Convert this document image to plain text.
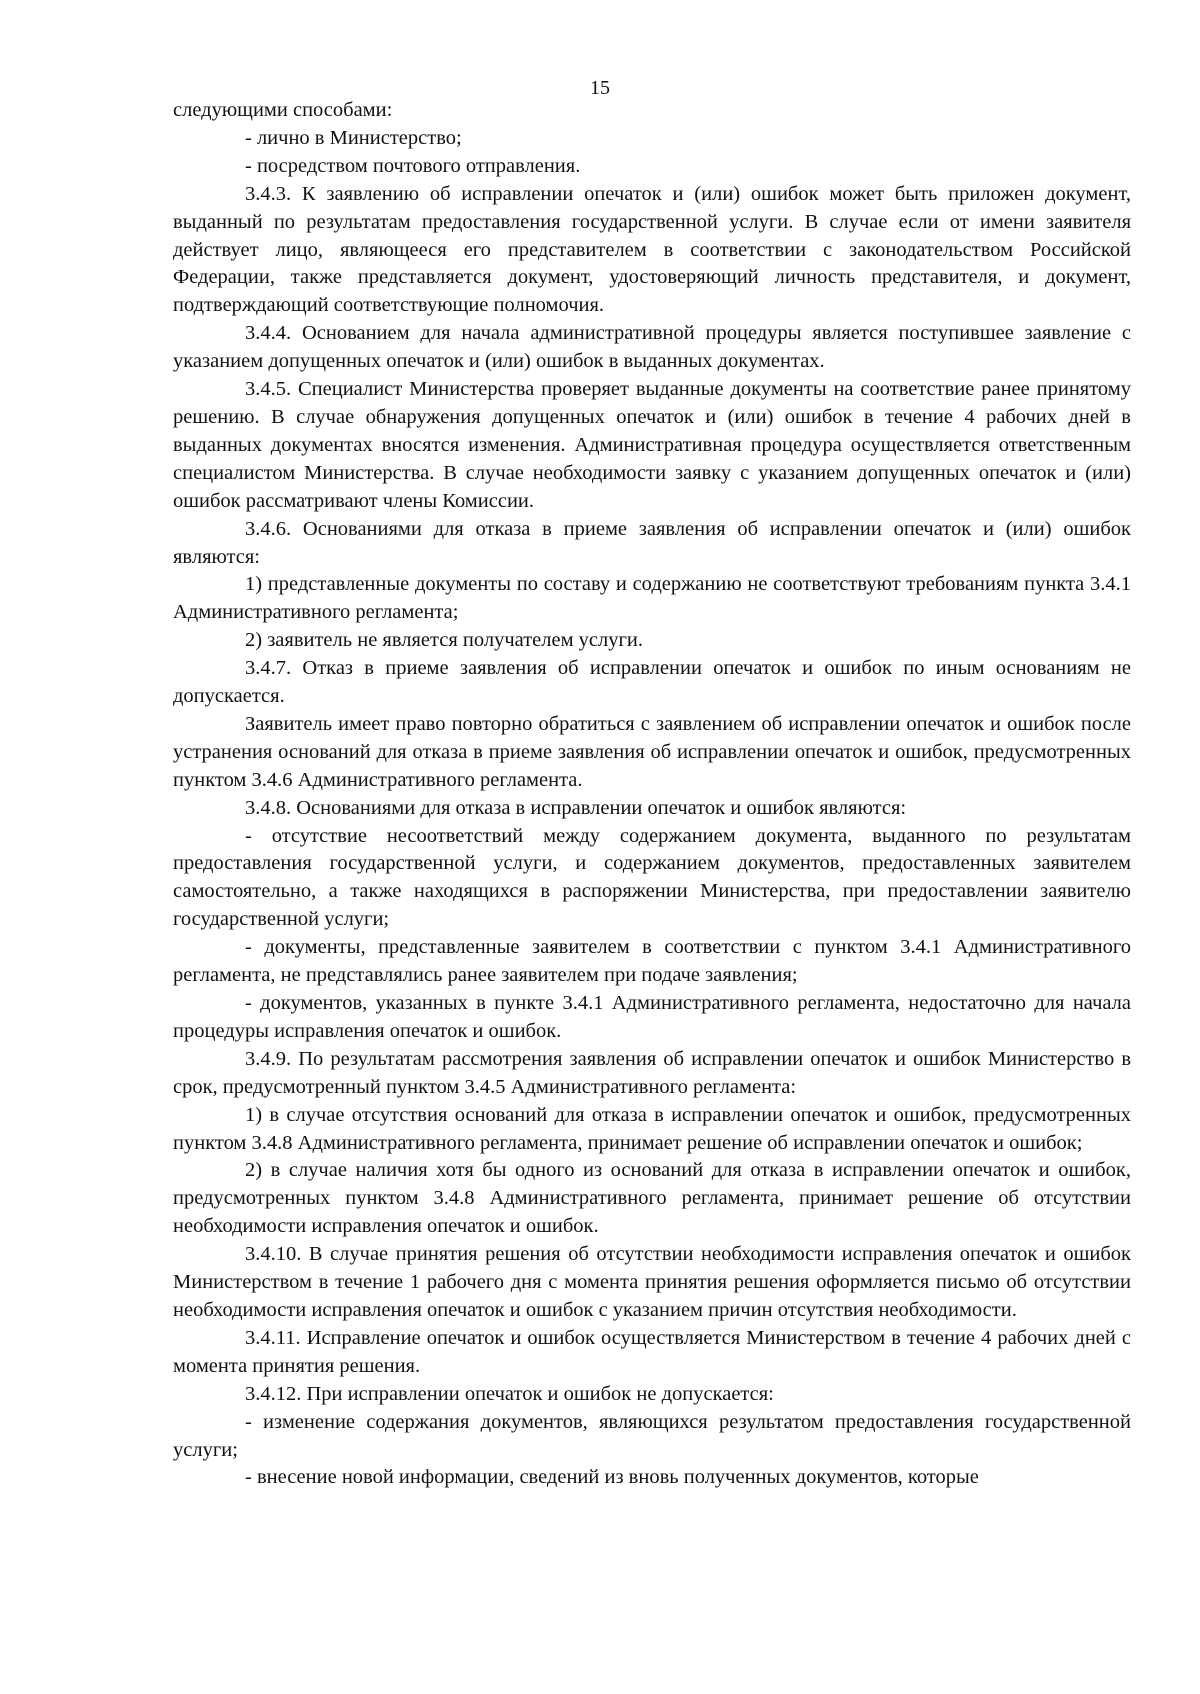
15

следующими способами:

- лично в Министерство;

- посредством почтового отправления.

3.4.3. К заявлению об исправлении опечаток и (или) ошибок может быть приложен документ, выданный по результатам предоставления государственной услуги. В случае если от имени заявителя действует лицо, являющееся его представителем в соответствии с законодательством Российской Федерации, также представляется документ, удостоверяющий личность представителя, и документ, подтверждающий соответствующие полномочия.

3.4.4. Основанием для начала административной процедуры является поступившее заявление с указанием допущенных опечаток и (или) ошибок в выданных документах.

3.4.5. Специалист Министерства проверяет выданные документы на соответствие ранее принятому решению. В случае обнаружения допущенных опечаток и (или) ошибок в течение 4 рабочих дней в выданных документах вносятся изменения. Административная процедура осуществляется ответственным специалистом Министерства. В случае необходимости заявку с указанием допущенных опечаток и (или) ошибок рассматривают члены Комиссии.

3.4.6. Основаниями для отказа в приеме заявления об исправлении опечаток и (или) ошибок являются:

1) представленные документы по составу и содержанию не соответствуют требованиям пункта 3.4.1 Административного регламента;

2) заявитель не является получателем услуги.

3.4.7. Отказ в приеме заявления об исправлении опечаток и ошибок по иным основаниям не допускается.

Заявитель имеет право повторно обратиться с заявлением об исправлении опечаток и ошибок после устранения оснований для отказа в приеме заявления об исправлении опечаток и ошибок, предусмотренных пунктом 3.4.6 Административного регламента.

3.4.8. Основаниями для отказа в исправлении опечаток и ошибок являются:

- отсутствие несоответствий между содержанием документа, выданного по результатам предоставления государственной услуги, и содержанием документов, предоставленных заявителем самостоятельно, а также находящихся в распоряжении Министерства, при предоставлении заявителю государственной услуги;

- документы, представленные заявителем в соответствии с пунктом 3.4.1 Административного регламента, не представлялись ранее заявителем при подаче заявления;

- документов, указанных в пункте 3.4.1 Административного регламента, недостаточно для начала процедуры исправления опечаток и ошибок.

3.4.9. По результатам рассмотрения заявления об исправлении опечаток и ошибок Министерство в срок, предусмотренный пунктом 3.4.5 Административного регламента:

1) в случае отсутствия оснований для отказа в исправлении опечаток и ошибок, предусмотренных пунктом 3.4.8 Административного регламента, принимает решение об исправлении опечаток и ошибок;

2) в случае наличия хотя бы одного из оснований для отказа в исправлении опечаток и ошибок, предусмотренных пунктом 3.4.8 Административного регламента, принимает решение об отсутствии необходимости исправления опечаток и ошибок.

3.4.10. В случае принятия решения об отсутствии необходимости исправления опечаток и ошибок Министерством в течение 1 рабочего дня с момента принятия решения оформляется письмо об отсутствии необходимости исправления опечаток и ошибок с указанием причин отсутствия необходимости.

3.4.11. Исправление опечаток и ошибок осуществляется Министерством в течение 4 рабочих дней с момента принятия решения.

3.4.12. При исправлении опечаток и ошибок не допускается:

- изменение содержания документов, являющихся результатом предоставления государственной услуги;

- внесение новой информации, сведений из вновь полученных документов, которые
